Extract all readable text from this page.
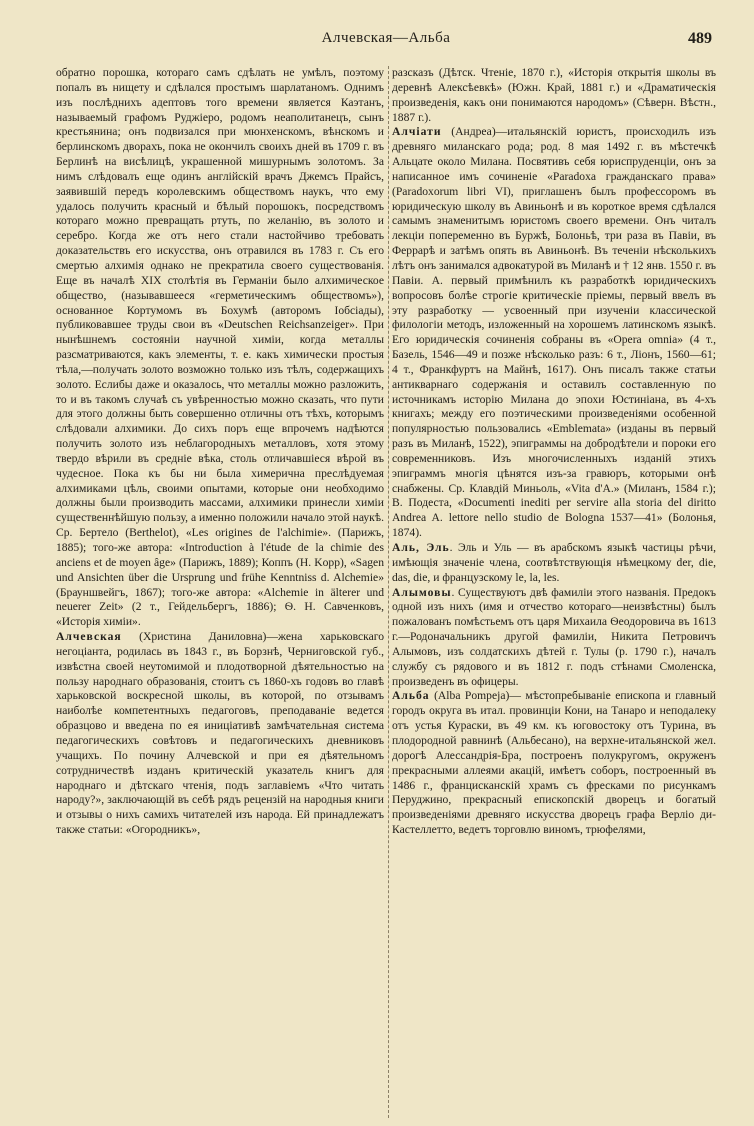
Алчевская—Альба	489

обратно порошка, котораго самъ сдѣлать не умѣлъ, поэтому попалъ въ нищету и сдѣлался простымъ шарлатаномъ. Однимъ изъ послѣднихъ адептовъ того времени является Каэтанъ, называемый графомъ Руджіеро, родомъ неаполитанецъ, сынъ крестьянина; онъ подвизался при мюнхенскомъ, вѣнскомъ и берлинскомъ дворахъ, пока не окончилъ своихъ дней въ 1709 г. въ Берлинѣ на висѣлицѣ, украшенной мишурнымъ золотомъ. За нимъ слѣдовалъ еще одинъ англійскій врачъ Джемсъ Прайсъ, заявившій передъ королевскимъ обществомъ наукъ, что ему удалось получить красный и бѣлый порошокъ, посредствомъ котораго можно превращать ртуть, по желанію, въ золото и серебро. Когда же отъ него стали настойчиво требовать доказательствъ его искусства, онъ отравился въ 1783 г. Съ его смертью алхимія однако не прекратила своего существованія. Еще въ началѣ XIX столѣтія въ Германіи было алхимическое общество, (называвшееся «герметическимъ обществомъ»), основанное Кортумомъ въ Бохумѣ (авторомъ Іобсіады), публиковавшее труды свои въ «Deutschen Reichsanzeiger». При нынѣшнемъ состояніи научной химіи, когда металлы разсматриваются, какъ элементы, т. е. какъ химически простыя тѣла,—получать золото возможно только изъ тѣлъ, содержащихъ золото. Еслибы даже и оказалось, что металлы можно разложить, то и въ такомъ случаѣ съ увѣренностью можно сказать, что пути для этого должны быть совершенно отличны отъ тѣхъ, которымъ слѣдовали алхимики. До сихъ поръ еще впрочемъ надѣются получить золото изъ неблагородныхъ металловъ, хотя этому твердо вѣрили въ средніе вѣка, столь отличавшіеся вѣрой въ чудесное. Пока къ бы ни была химерична преслѣдуемая алхимиками цѣль, своими опытами, которые они необходимо должны были производить массами, алхимики принесли химіи существеннѣйшую пользу, а именно положили начало этой наукѣ. Ср. Бертело (Berthelot), «Les origines de l'alchimie». (Парижъ, 1885); того-же автора: «Introduction à l'étude de la chimie des anciens et de moyen âge» (Парижъ, 1889); Коппъ (H. Kopp), «Sagen und Ansichten über die Ursprung und frühe Kenntniss d. Alchemie» (Брауншвейгъ, 1867); того-же автора: «Alchemie in älterer und neuerer Zeit» (2 т., Гейдельбергъ, 1886); Ѳ. Н. Савченковъ, «Исторія химіи».

Алчевская (Христина Даниловна)—жена харьковскаго негоціанта, родилась въ 1843 г., въ Борзнѣ, Черниговской губ., извѣстна своей неутомимой и плодотворной дѣятельностью на пользу народнаго образованія, стоитъ съ 1860-хъ годовъ во главѣ харьковской воскресной школы, въ которой, по отзывамъ наиболѣе компетентныхъ педагоговъ, преподаваніе ведется образцово и введена по ея иниціативѣ замѣчательная система педагогическихъ совѣтовъ и педагогическихъ дневниковъ учащихъ. По почину Алчевской и при ея дѣятельномъ сотрудничествѣ изданъ критическій указатель книгъ для народнаго и дѣтскаго чтенія, подъ заглавіемъ «Что читать народу?», заключающій въ себѣ рядъ рецензій на народныя книги и отзывы о нихъ самихъ читателей изъ народа. Ей принадлежатъ также статьи: «Огородникъ»,

разсказъ (Дѣтск. Чтеніе, 1870 г.), «Исторія открытія школы въ деревнѣ Алексѣевкѣ» (Южн. Край, 1881 г.) и «Драматическія произведенія, какъ они понимаются народомъ» (Сѣверн. Вѣстн., 1887 г.).

Алчіати (Андреа)—итальянскій юристъ, происходилъ изъ древняго миланскаго рода; род. 8 мая 1492 г. въ мѣстечкѣ Альцате около Милана. Посвятивъ себя юриспруденціи, онъ за написанное имъ сочиненіе «Paradoxa гражданскаго права» (Paradoxorum libri VI), приглашенъ былъ профессоромъ въ юридическую школу въ Авиньонѣ и въ короткое время сдѣлался самымъ знаменитымъ юристомъ своего времени. Онъ читалъ лекціи попеременно въ Буржѣ, Болоньѣ, три раза въ Павіи, въ Феррарѣ и затѣмъ опять въ Авиньонѣ. Въ теченіи нѣсколькихъ лѣтъ онъ занимался адвокатурой въ Миланѣ и † 12 янв. 1550 г. въ Павіи. А. первый примѣнилъ къ разработкѣ юридическихъ вопросовъ болѣе строгіе критическіе пріемы, первый ввелъ въ эту разработку — усвоенный при изученіи классической филологіи методъ, изложенный на хорошемъ латинскомъ языкѣ. Его юридическія сочиненія собраны въ «Opera omnia» (4 т., Базель, 1546—49 и позже нѣсколько разъ: 6 т., Ліонъ, 1560—61; 4 т., Франкфуртъ на Майнѣ, 1617). Онъ писалъ также статьи антикварнаго содержанія и оставилъ составленную по источникамъ исторію Милана до эпохи Юстиніана, въ 4-хъ книгахъ; между его поэтическими произведеніями особенной популярностью пользовались «Emblemata» (изданы въ первый разъ въ Миланѣ, 1522), эпиграммы на добродѣтели и пороки его современниковъ. Изъ многочисленныхъ изданій этихъ эпиграммъ многія цѣнятся изъ-за гравюръ, которыми онѣ снабжены. Ср. Клавдій Миньоль, «Vita d'A.» (Миланъ, 1584 г.); В. Подеста, «Documenti inediti per servire alla storia del diritto Andrea A. lettore nello studio de Bologna 1537—41» (Болонья, 1874).

Аль, Эль. Эль и Уль — въ арабскомъ языкѣ частицы рѣчи, имѣющія значеніе члена, соотвѣтствующія нѣмецкому der, die, das, die, и французскому le, la, les.

Алымовы. Существуютъ двѣ фамиліи этого названія. Предокъ одной изъ нихъ (имя и отчество котораго—неизвѣстны) былъ пожалованъ помѣстьемъ отъ царя Михаила Ѳеодоровича въ 1613 г.—Родоначальникъ другой фамиліи, Никита Петровичъ Алымовъ, изъ солдатскихъ дѣтей г. Тулы (р. 1790 г.), началъ службу съ рядового и въ 1812 г. подъ стѣнами Смоленска, произведенъ въ офицеры.

Альба (Alba Pompeja)— мѣстопребываніе епископа и главный городъ округа въ итал. провинціи Кони, на Танаро и неподалеку отъ устья Кураски, въ 49 км. къ юговостоку отъ Турина, въ плодородной равнинѣ (Альбесано), на верхне-итальянской жел. дорогѣ Алессандрія-Бра, построенъ полукругомъ, окруженъ прекрасными аллеями акацій, имѣетъ соборъ, построенный въ 1486 г., францисканскій храмъ съ фресками по рисункамъ Перуджино, прекрасный епископскій дворецъ и богатый произведеніями древняго искусства дворецъ графа Верліо ди-Кастеллетто, ведетъ торговлю виномъ, трюфелями,
